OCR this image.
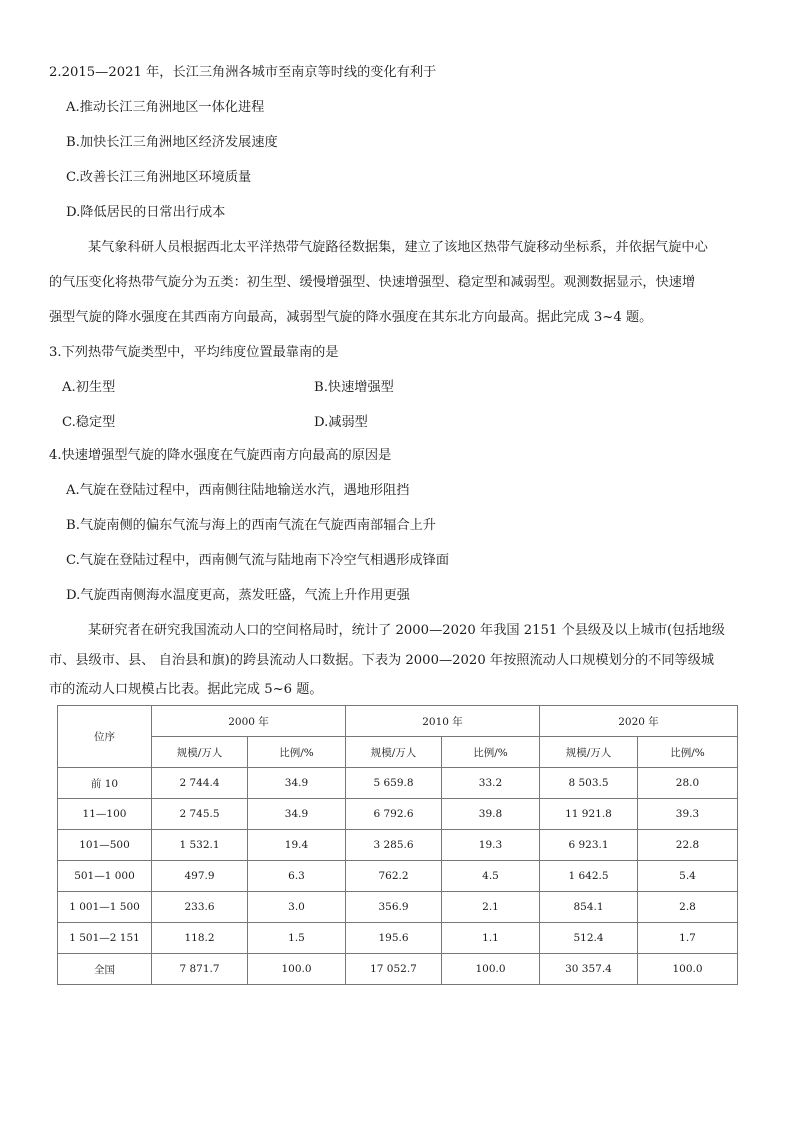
2.2015—2021 年，长江三角洲各城市至南京等时线的变化有利于

A.推动长江三角洲地区一体化进程

B.加快长江三角洲地区经济发展速度

C.改善长江三角洲地区环境质量

D.降低居民的日常出行成本

某气象科研人员根据西北太平洋热带气旋路径数据集，建立了该地区热带气旋移动坐标系，并依据气旋中心

的气压变化将热带气旋分为五类：初生型、缓慢增强型、快速增强型、稳定型和减弱型。观测数据显示，快速增

强型气旋的降水强度在其西南方向最高，减弱型气旋的降水强度在其东北方向最高。据此完成 3~4 题。

3.下列热带气旋类型中，平均纬度位置最靠南的是

A.初生型	B.快速增强型

C.稳定型	D.减弱型

4.快速增强型气旋的降水强度在气旋西南方向最高的原因是

A.气旋在登陆过程中，西南侧往陆地输送水汽，遇地形阻挡

B.气旋南侧的偏东气流与海上的西南气流在气旋西南部辐合上升

C.气旋在登陆过程中，西南侧气流与陆地南下冷空气相遇形成锋面

D.气旋西南侧海水温度更高，蒸发旺盛，气流上升作用更强

某研究者在研究我国流动人口的空间格局时，统计了 2000—2020 年我国 2151 个县级及以上城市(包括地级

市、县级市、县、 自治县和旗)的跨县流动人口数据。下表为 2000—2020 年按照流动人口规模划分的不同等级城

市的流动人口规模占比表。据此完成 5~6 题。

位序	2000 年		2010 年		2020 年	
	规模/万人	比例/%	规模/万人	比例/%	规模/万人	比例/%
前 10	2 744.4	34.9	5 659.8	33.2	8 503.5	28.0
11—100	2 745.5	34.9	6 792.6	39.8	11 921.8	39.3
101—500	1 532.1	19.4	3 285.6	19.3	6 923.1	22.8
501—1 000	497.9	6.3	762.2	4.5	1 642.5	5.4
1 001—1 500	233.6	3.0	356.9	2.1	854.1	2.8
1 501—2 151	118.2	1.5	195.6	1.1	512.4	1.7
全国	7 871.7	100.0	17 052.7	100.0	30 357.4	100.0
